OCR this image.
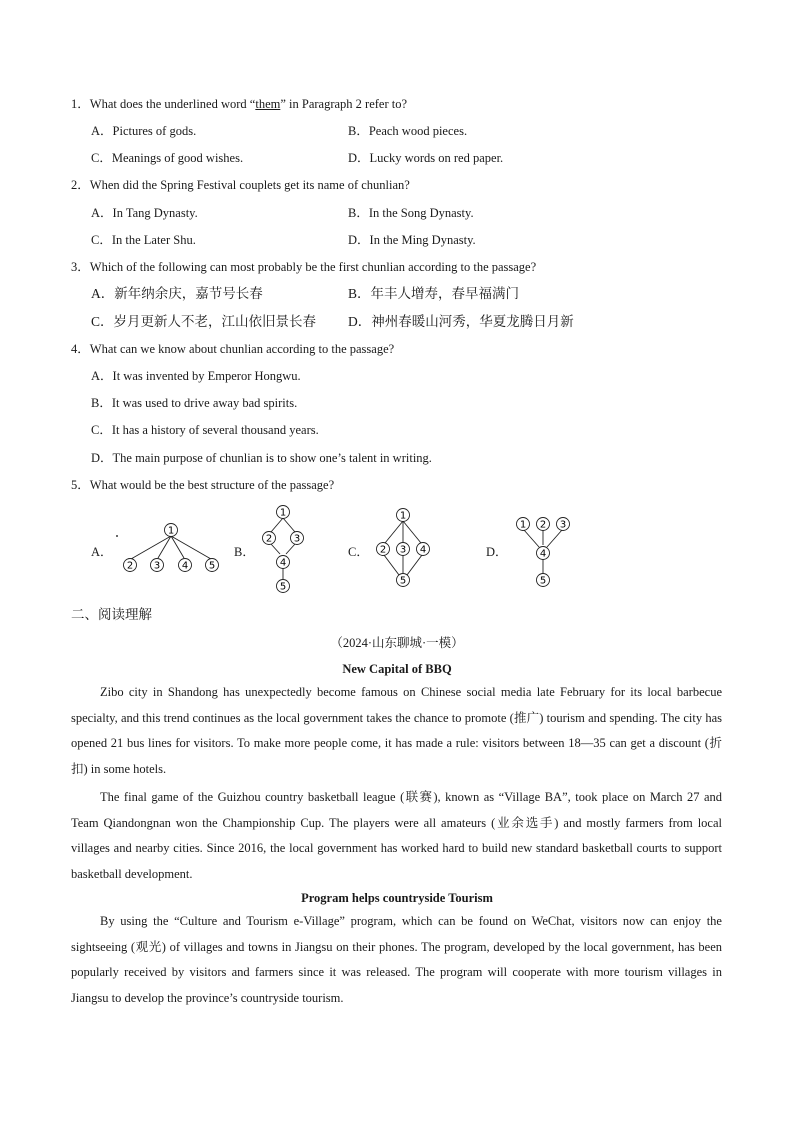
1．What does the underlined word “them” in Paragraph 2 refer to?
A．Pictures of gods.	B．Peach wood pieces.
C．Meanings of good wishes.	D．Lucky words on red paper.
2．When did the Spring Festival couplets get its name of chunlian?
A．In Tang Dynasty.	B．In the Song Dynasty.
C．In the Later Shu.	D．In the Ming Dynasty.
3．Which of the following can most probably be the first chunlian according to the passage?
A．新年纳余庆，嘉节号长春	B．年丰人增寿，春早福满门
C．岁月更新人不老，江山依旧景长春 D．神州春暖山河秀，华夏龙腾日月新
4．What can we know about chunlian according to the passage?
A．It was invented by Emperor Hongwu.
B．It was used to drive away bad spirits.
C．It has a history of several thousand years.
D．The main purpose of chunlian is to show one’s talent in writing.
5．What would be the best structure of the passage?
A．	B．	C．	D．
1
2 3 4 5
1
2 3
4
5
1
2 3 4
5
1 2 3
4
5
二、阅读理解
（2024·山东聊城·一模）
New Capital of BBQ
Zibo city in Shandong has unexpectedly become famous on Chinese social media late February for its local barbecue specialty, and this trend continues as the local government takes the chance to promote (推广) tourism and spending. The city has opened 21 bus lines for visitors. To make more people come, it has made a rule: visitors between 18—35 can get a discount (折扣) in some hotels.
The final game of the Guizhou country basketball league (联赛), known as “Village BA”, took place on March 27 and Team Qiandongnan won the Championship Cup. The players were all amateurs (业余选手) and mostly farmers from local villages and nearby cities. Since 2016, the local government has worked hard to build new standard basketball courts to support basketball development.
Program helps countryside Tourism
By using the “Culture and Tourism e-Village” program, which can be found on WeChat, visitors now can enjoy the sightseeing (观光) of villages and towns in Jiangsu on their phones. The program, developed by the local government, has been popularly received by visitors and farmers since it was released. The program will cooperate with more tourism villages in Jiangsu to develop the province’s countryside tourism.
